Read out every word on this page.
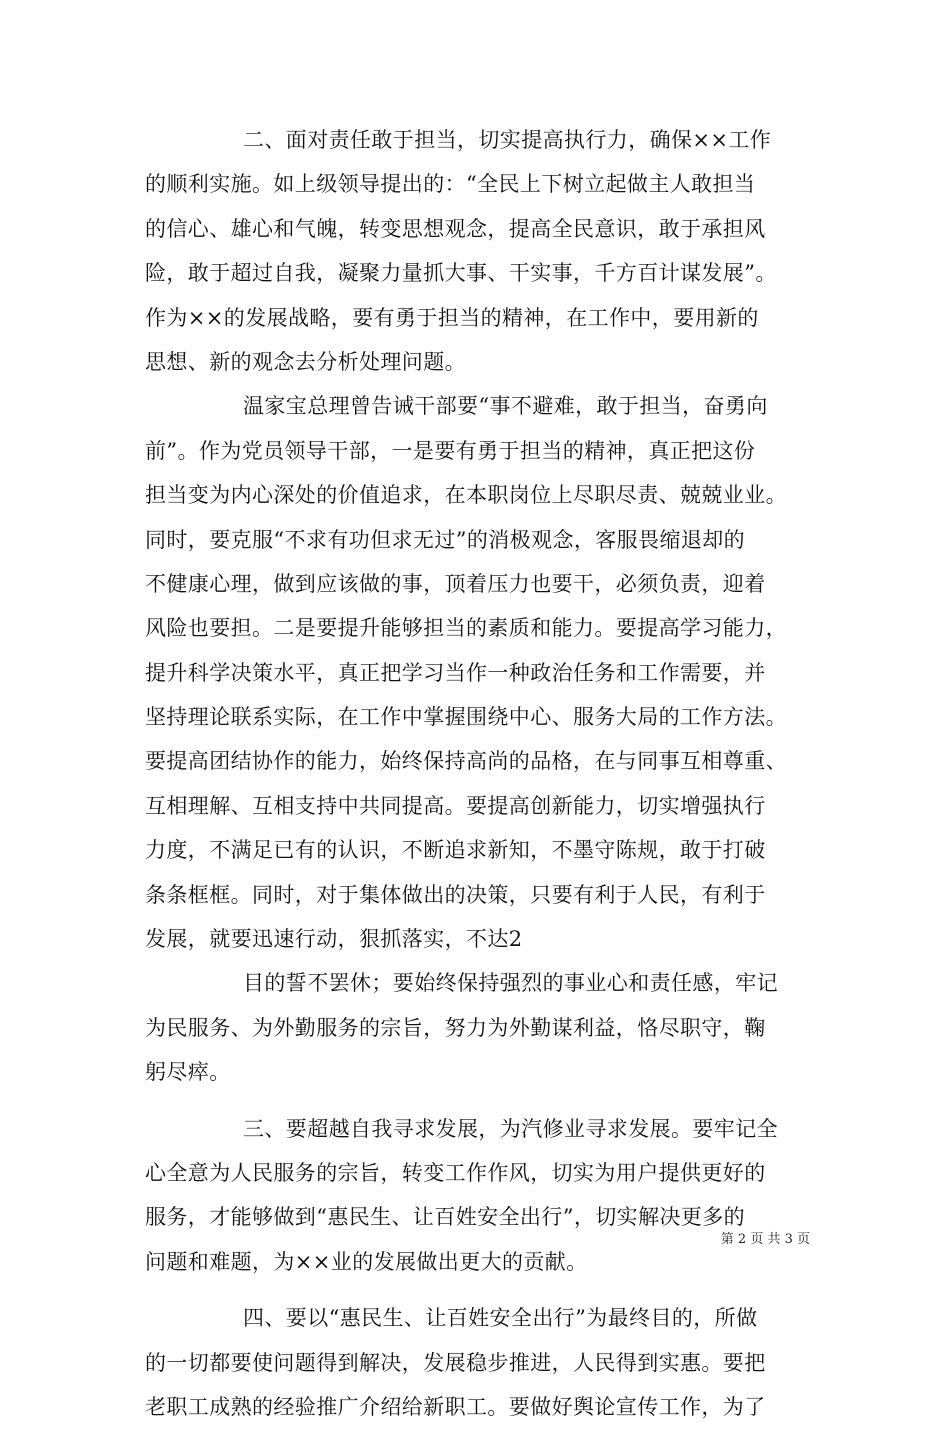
二、面对责任敢于担当，切实提高执行力，确保××工作
的顺利实施。如上级领导提出的：“全民上下树立起做主人敢担当
的信心、雄心和气魄，转变思想观念，提高全民意识，敢于承担风
险，敢于超过自我，凝聚力量抓大事、干实事，千方百计谋发展”。
作为××的发展战略，要有勇于担当的精神，在工作中，要用新的
思想、新的观念去分析处理问题。
温家宝总理曾告诫干部要“事不避难，敢于担当，奋勇向
前”。作为党员领导干部，一是要有勇于担当的精神，真正把这份
担当变为内心深处的价值追求，在本职岗位上尽职尽责、兢兢业业。
同时，要克服“不求有功但求无过”的消极观念，客服畏缩退却的
不健康心理，做到应该做的事，顶着压力也要干，必须负责，迎着
风险也要担。二是要提升能够担当的素质和能力。要提高学习能力，
提升科学决策水平，真正把学习当作一种政治任务和工作需要，并
坚持理论联系实际，在工作中掌握围绕中心、服务大局的工作方法。
要提高团结协作的能力，始终保持高尚的品格，在与同事互相尊重、
互相理解、互相支持中共同提高。要提高创新能力，切实增强执行
力度，不满足已有的认识，不断追求新知，不墨守陈规，敢于打破
条条框框。同时，对于集体做出的决策，只要有利于人民，有利于
发展，就要迅速行动，狠抓落实，不达2
目的誓不罢休；要始终保持强烈的事业心和责任感，牢记
为民服务、为外勤服务的宗旨，努力为外勤谋利益，恪尽职守，鞠
躬尽瘁。
三、要超越自我寻求发展，为汽修业寻求发展。要牢记全
心全意为人民服务的宗旨，转变工作作风，切实为用户提供更好的
服务，才能够做到“惠民生、让百姓安全出行”，切实解决更多的
问题和难题，为××业的发展做出更大的贡献。
四、要以“惠民生、让百姓安全出行”为最终目的，所做
的一切都要使问题得到解决，发展稳步推进，人民得到实惠。要把
老职工成熟的经验推广介绍给新职工。要做好舆论宣传工作，为了
第 2 页 共 3 页
